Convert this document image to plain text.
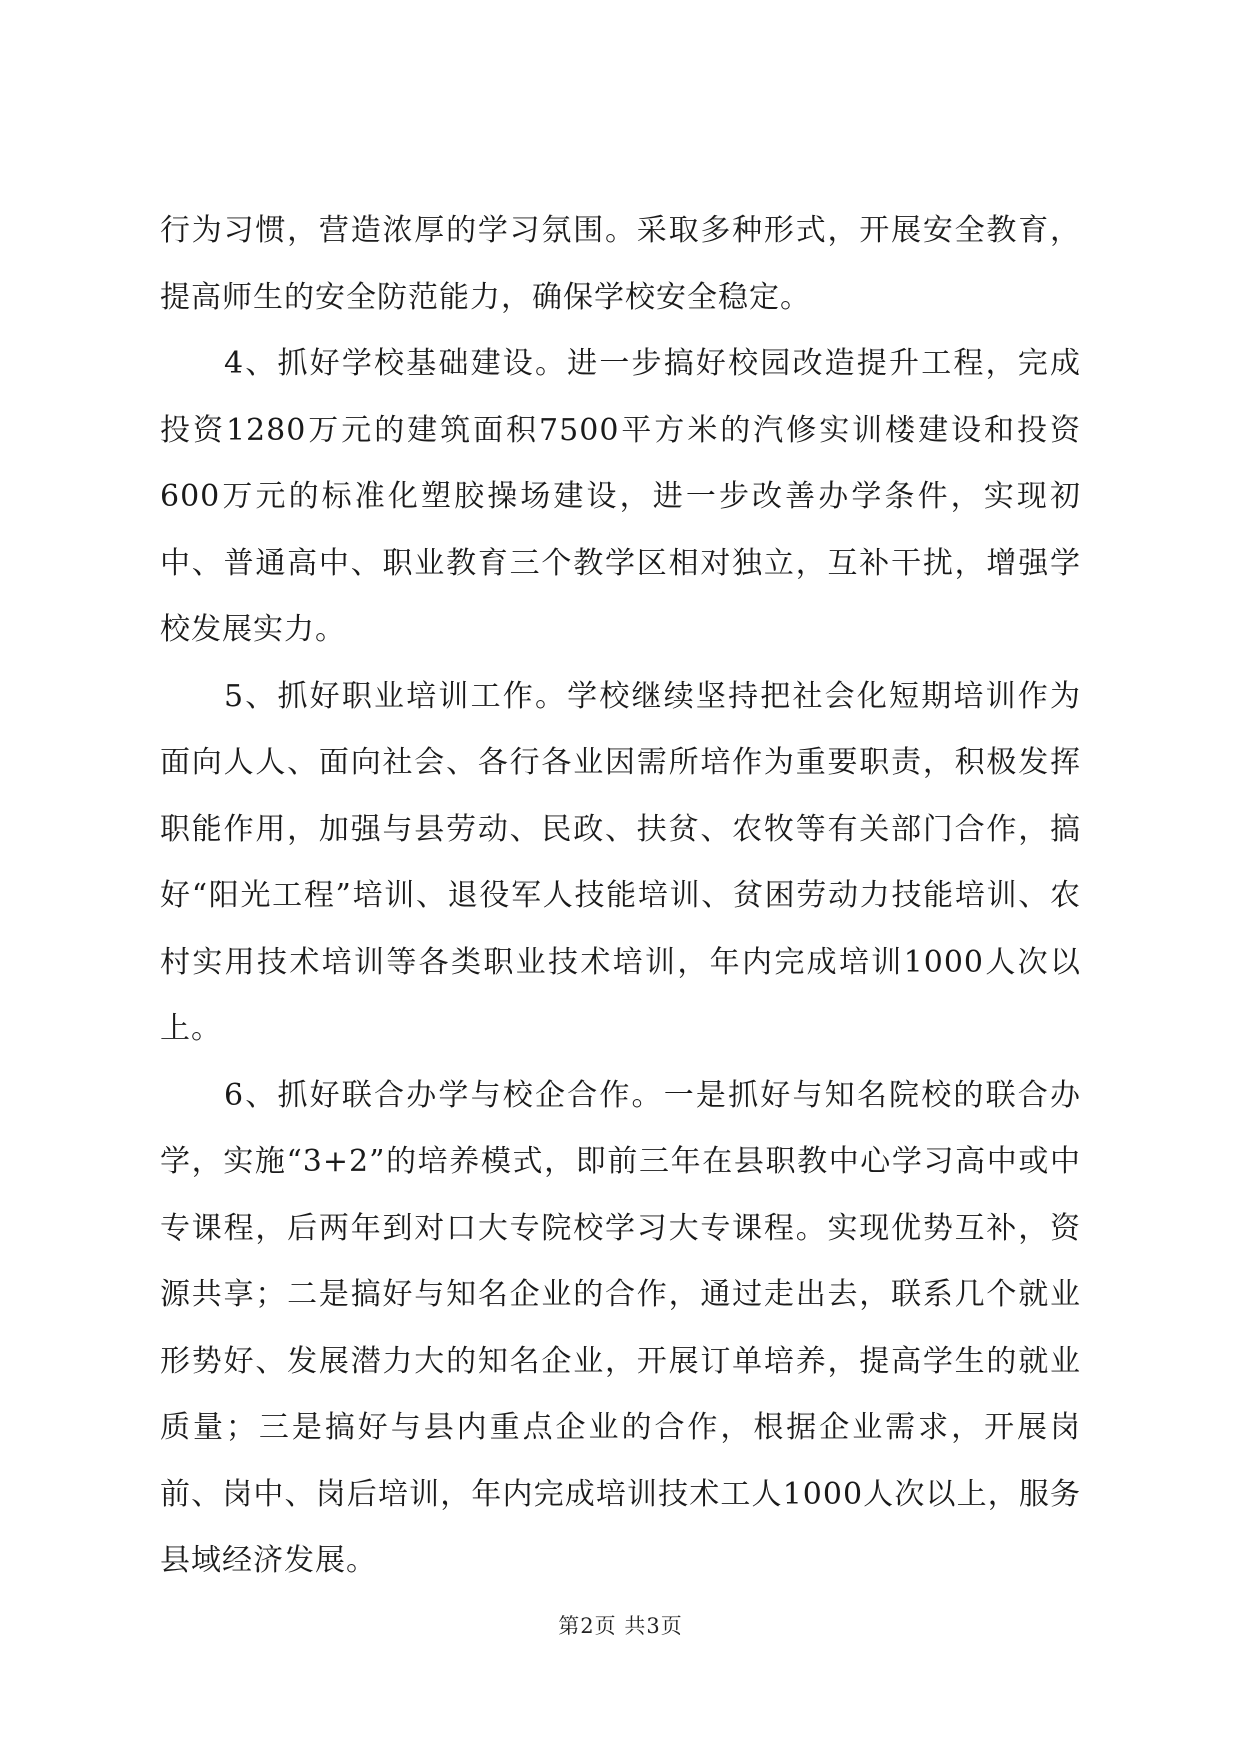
行为习惯，营造浓厚的学习氛围。采取多种形式，开展安全教育，提高师生的安全防范能力，确保学校安全稳定。

4、抓好学校基础建设。进一步搞好校园改造提升工程，完成投资1280万元的建筑面积7500平方米的汽修实训楼建设和投资600万元的标准化塑胶操场建设，进一步改善办学条件，实现初中、普通高中、职业教育三个教学区相对独立，互补干扰，增强学校发展实力。

5、抓好职业培训工作。学校继续坚持把社会化短期培训作为面向人人、面向社会、各行各业因需所培作为重要职责，积极发挥职能作用，加强与县劳动、民政、扶贫、农牧等有关部门合作，搞好“阳光工程”培训、退役军人技能培训、贫困劳动力技能培训、农村实用技术培训等各类职业技术培训，年内完成培训1000人次以上。

6、抓好联合办学与校企合作。一是抓好与知名院校的联合办学，实施“3+2”的培养模式，即前三年在县职教中心学习高中或中专课程，后两年到对口大专院校学习大专课程。实现优势互补，资源共享；二是搞好与知名企业的合作，通过走出去，联系几个就业形势好、发展潜力大的知名企业，开展订单培养，提高学生的就业质量；三是搞好与县内重点企业的合作，根据企业需求，开展岗前、岗中、岗后培训，年内完成培训技术工人1000人次以上，服务县域经济发展。

第2页 共3页
